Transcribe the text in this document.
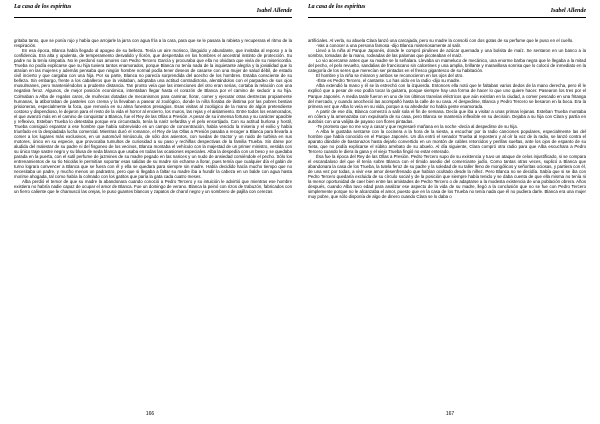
La casa de los espíritus
Isabel Allende

gritaba tanto, que se ponía rojo y había que arrojarle la jarra con agua fría a la cara, para que se le pasara la rabieta y recuperara el ritmo de la respiración.

En esa época, Blanca había llegado al apogeo de su belleza. Tenía un aire morisco, lánguido y abundante, que invitaba al reposo y a la confidencia. Era alta y opulenta, de temperamento desvalido y llorón, que despertaba en los hombres el ancestral instinto de protección. Su padre no la tenía simpatía. No le perdonó sus amores con Pedro Tercero García y procuraba que ella no olvidara que vivía de su misericordia. Trueba no podía explicarse que su hija tuviera tantos enamorados, porque Blanca no tenía nada de la inquietante alegría y la jovialidad que lo atraían en las mujeres y además pensaba que ningún hombre normal podía tener deseos de casarse con una mujer de salud débil, de estado civil incierto y que cargaba con una hija. Por su parte, Blanca no parecía sorprendida del acecho de los hombres. Estaba consciente de su belleza. Sin embargo, frente a los caballeros que la visitaban, adoptaba una actitud contradictoria, alentándolos con el parpadeo de sus ojos musulmanes, pero manteniéndolos a prudente distancia. Tan pronto veía que las intenciones del otro eran serias, cortaba la relación con una negativa feroz. Algunos, de mejor posición económica, intentaban llegar hasta el corazón de Blanca por el camino de seducir a su hija. Colmaban a Alba de regalos caros, de muñecas dotadas de mecanismos para caminar, llorar, comer y ejecutar otras destrezas propiamente humanas, la atiborraban de pasteles con crema y la llevaban a pasear al zoológico, donde la niña lloraba de lástima por las pobres bestias prisioneras, especialmente la foca, que removía en su alma funestos presagios. Esas visitas al zoológico de la mano de algún pretendiente costoso y dispendioso, le dejaron para el resto de la vida el horror al encierro, los muros, las rejas y el aislamiento. Entre todos los enamorados, el que avanzó más en el camino de conquistar a Blanca, fue el Rey de las Ollas a Presión. A pesar de su inmensa fortuna y su carácter apacible y reflexivo, Esteban Trueba lo detestaba porque era circunstado, tenía la nariz sefardita y el pelo ensortijado. Con su actitud burlona y hostil, Trueba consiguió espantar a ese hombre que había sobrevivido en un campo de concentración, había vencido la miseria y el exilio y había triunfado en la despiadada lucha comercial. Mientras duró el romance, el Rey de las Ollas a Presión pasaba a recoger a Blanca para llevarla a comer a los lugares más exclusivos, en un automóvil minúsculo, de sólo dos asientos, con ruedas de tractor y un ruido de turbina en sus motores, único en su especie, que provocaba tumultos de curiosidad a su paso y rechiflas despectivas de la familia Trueba. Sin darse por aludida del malestar de su padre ni del fisgoneo de los vecinos, Blanca montaba el vehículo con la majestad de un primer ministro, vestida con su único traje sastre negro y su blusa de seda blanca que usaba en todas las ocasiones especiales. Alba la despedía con un beso y se quedaba parada en la puerta, con el sutil perfume de jazmines de su madre pegado en las narices y un nudo de ansiedad comiéndole el pecho. Sólo los entrenamientos de su tío Nicolás le permitían soportar esas salidas de su madre sin echarse a llorar, pues temía que cualquier día el galán de turno lograra convencer a Blanca que se fuera con él y ella se quedara para siempre sin madre. Había decidido hacía mucho tiempo que no necesitaba un padre, y mucho menos un padrastro, pero que si llegaba a faltar su madre iba a hundir la cabeza en un balde con agua hasta morirse ahogada, tal como había la colmado con los gatitos que paría la gata cada cuatro meses.

Alba perdió el temor de que su madre la abandonara cuando conoció a Pedro Tercero y su intuición le advirtió que mientras ese hombre existiera no habría nadie capaz de ocupar el amor de Blanca. Fue un domingo de verano. Blanca la peinó con rizos de trabuzón, fabricados con un fierro caliente que le chamuscó las orejas, le puso guantes blancos y zapatos de charol negro y un sombrero de pajilla con cerezas

166
La casa de los espíritus
Isabel Allende

artificiales. Al verla, su abuela Clara lanzó una carcajada, pero su madre la consoló con dos gotas de su perfume que le puso en el cuello.

-Vas a conocer a una persona famosa -dijo Blanca misteriosamente al salir.

Llevó a la niña al Parque Japonés, donde le compró pirulines de azúcar quemada y una bolsita de maíz. Se sentaron en un banco a la sombra, tomadas de la mano, rodeadas de las palomas que picoteaban el maíz.

Lo vio acercarse antes que su madre se lo señalara. Llevaba un mameluco de mecánico, una enorme barba negra que le llegaba a la mitad del pecho, el pelo revuelto, sandalias de franciscano sin calcetines y una amplia, brillante y maravillosa sonrisa que lo colocó de inmediato en la categoría de los seres que merecían ser pintados en el fresco gigantesco de su habitación.

El hombre y la niña se miraron y ambos se reconocieron en los ojos del otro.

-Éste es Pedro Tercero, el cantante. Lo has oído en la radio -dijo su madre.

Alba extendió la mano y él se la estrechó con la izquierda. Entonces ella notó que le faltaban varios dedos de la mano derecha, pero él le explicó que a pesar de eso podía tocar la guitarra, porque siempre hay una forma de hacer lo que uno quiere hacer. Pasearon los tres por el Parque Japonés. A media tarde fueron en uno de los últimos tranvías eléctricos que aún existían en la ciudad, a comer pescado en una fritanga del mercado, y cuando anocheció las acompañó hasta la calle de su casa. Al despedirse, Blanca y Pedro Tercero se besaron en la boca. Era la primera vez que Alba lo veía en su vida, porque a su alrededor no había gente enamorada.

A partir de ese día, Blanca comenzó a salir sola el fin de semana. Decía que iba a visitar a unas primas lejanas. Esteban Trueba montaba en cólera y la amenazaba con expulsarla de su casa, pero Blanca se mantenía inflexible en su decisión. Dejaba a su hija con Clara y partía en autobús con una valijita de payaso con flores pintadas.

-Te prometo que no me voy a casar y que regresaré mañana en la noche -decía al despedirse de su hija.

A Alba le gustaba sentarse con la cocinera a la hora de la siesta, a escuchar por la radio canciones populares, especialmente las del hombre que había conocido en el Parque Japonés. Un día entró el senador Trueba al repostero y al oír la voz de la radio, se lanzó contra el aparato dándole de bastonazos hasta dejarlo convertido en un montón de cables retorcidos y perillas sueltas, ante los ojos de espanto de su nieta, que no podía explicarse el súbito arrebato de su abuelo. Al día siguiente, Clara compró otra radio para que Alba escuchara a Pedro Tercero cuando le diera la gana y el viejo Trueba fingió no estar enterado.

Ésa fue la época del Rey de las Ollas a Presión. Pedro Tercero supo de su existencia y tuvo un ataque de celos injustificado, si se compara el escandaloso del que él tenía sobre Blanca con el tímido asedio del comerciante judío. Como tantas otras veces, suplicó a Blanca que abandonara la casa de los Trueba, la tutela feroz de su padre y la soledad de su taller lleno de mongólicos y señoritas ociosas, y partiera con él, de una vez por todas, a vivir ese amor desenfrenado que habían ocultado desde la niñez. Pero Blanca no se decidía. Sabía que si se iba con Pedro Tercero quedaría excluida de su círculo social y de la posición que siempre había tenido y se daba cuenta de que ella misma no tenía ni la menor oportunidad de caer bien entre las amistades de Pedro Tercero o de adaptarse a la modesta existencia de una población obrera. Años después, cuando Alba tuvo edad para analizar ese aspecto de la vida de su madre, llegó a la conclusión que no se fue con Pedro Tercero simplemente porque no le alcanzaba el amor, puesto que en la casa de los Trueba no tenía nada que él no pudiera darle. Blanca era una mujer muy pobre, que sólo disponía de algo de dinero cuando Clara se lo daba o

167
